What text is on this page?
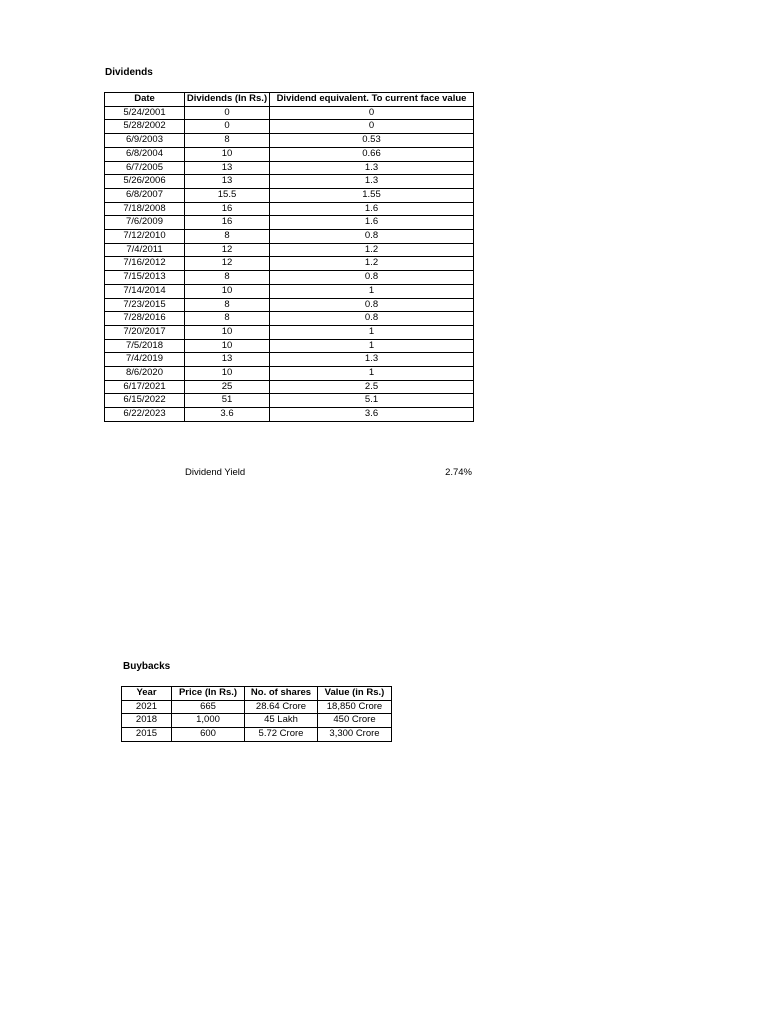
Dividends
Date	Dividends (In Rs.)	Dividend equivalent. To current face value
5/24/2001	0	0
5/28/2002	0	0
6/9/2003	8	0.53
6/8/2004	10	0.66
6/7/2005	13	1.3
5/26/2006	13	1.3
6/8/2007	15.5	1.55
7/18/2008	16	1.6
7/6/2009	16	1.6
7/12/2010	8	0.8
7/4/2011	12	1.2
7/16/2012	12	1.2
7/15/2013	8	0.8
7/14/2014	10	1
7/23/2015	8	0.8
7/28/2016	8	0.8
7/20/2017	10	1
7/5/2018	10	1
7/4/2019	13	1.3
8/6/2020	10	1
6/17/2021	25	2.5
6/15/2022	51	5.1
6/22/2023	3.6	3.6
Dividend Yield	2.74%
Buybacks
Year	Price (In Rs.)	No. of shares	Value (in Rs.)
2021	665	28.64 Crore	18,850 Crore
2018	1,000	45 Lakh	450 Crore
2015	600	5.72 Crore	3,300 Crore
